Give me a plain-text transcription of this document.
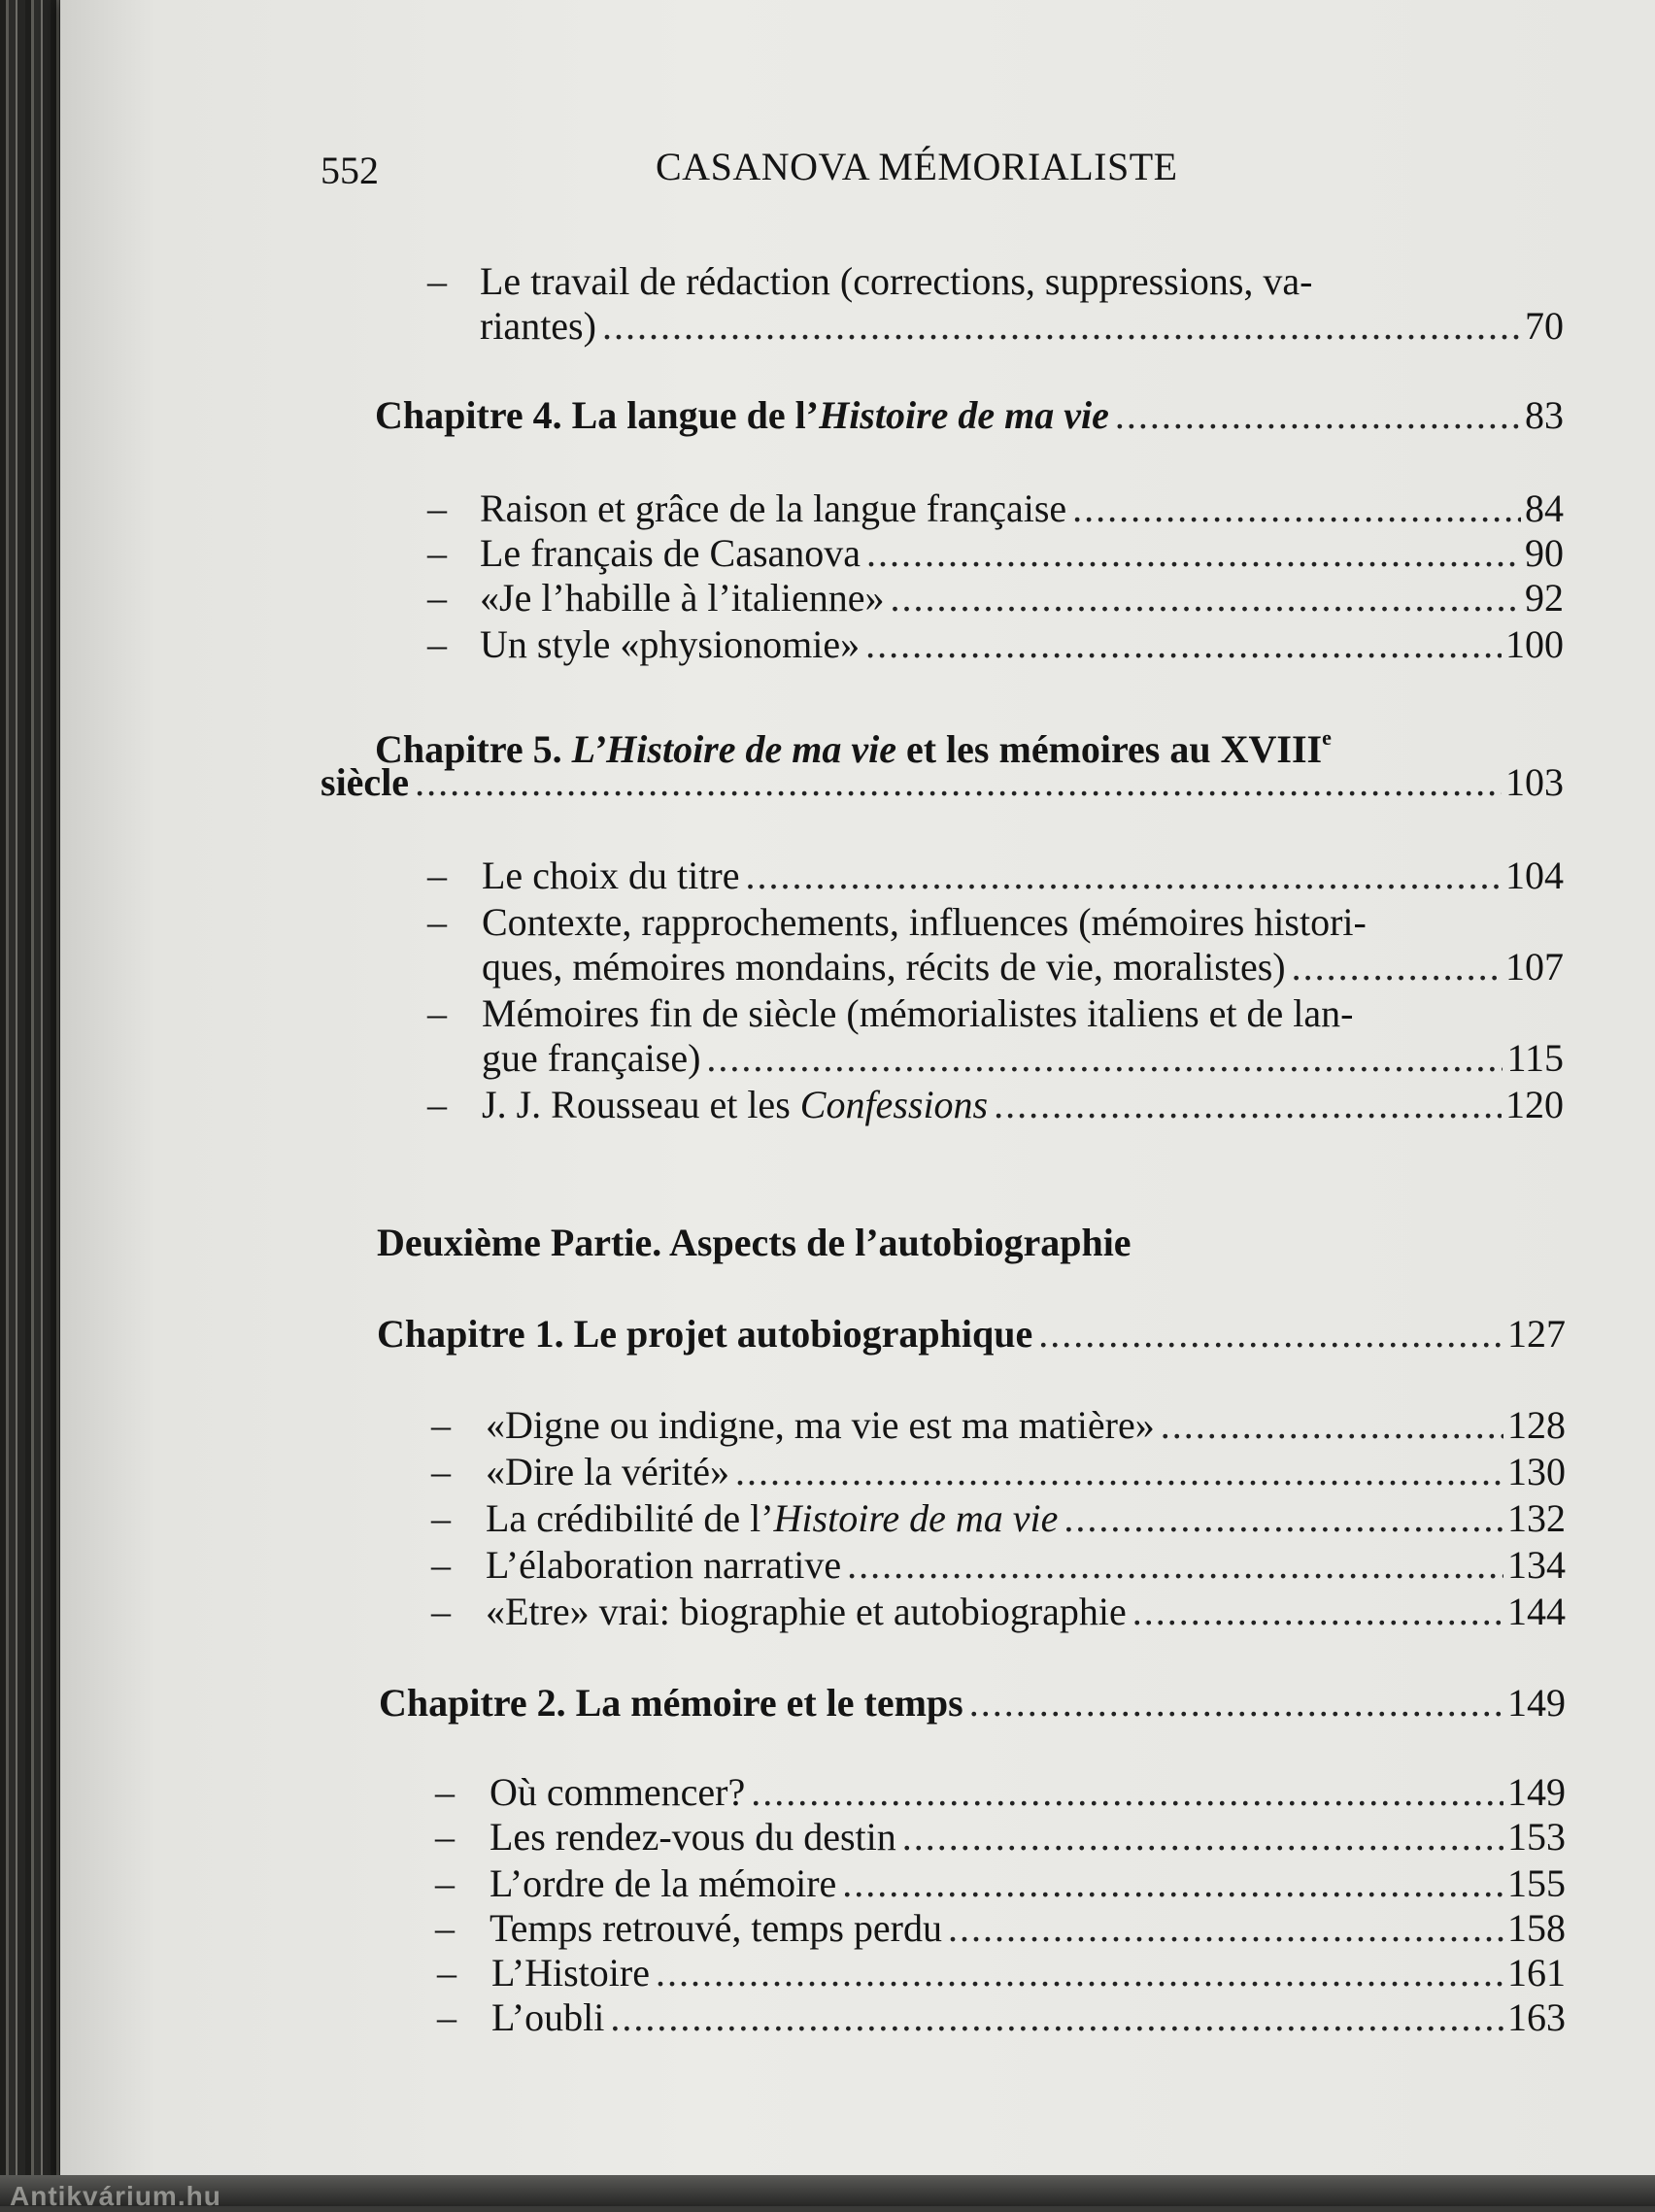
Antikvárium.hu
552	CASANOVA MÉMORIALISTE
– Le travail de rédaction (corrections, suppressions, va-
riantes) .....	70
Chapitre 4. La langue de l’Histoire de ma vie .....	83
– Raison et grâce de la langue française .....	84
– Le français de Casanova .....	90
– «Je l’habille à l’italienne» .....	92
– Un style «physionomie» .....	100
Chapitre 5. L’Histoire de ma vie et les mémoires au XVIIIe
siècle .....	103
– Le choix du titre .....	104
– Contexte, rapprochements, influences (mémoires histori-
ques, mémoires mondains, récits de vie, moralistes) .....	107
– Mémoires fin de siècle (mémorialistes italiens et de lan-
gue française) .....	115
– J. J. Rousseau et les Confessions .....	120
Deuxième Partie. Aspects de l’autobiographie
Chapitre 1. Le projet autobiographique .....	127
– «Digne ou indigne, ma vie est ma matière» .....	128
– «Dire la vérité» .....	130
– La crédibilité de l’Histoire de ma vie .....	132
– L’élaboration narrative .....	134
– «Etre» vrai: biographie et autobiographie .....	144
Chapitre 2. La mémoire et le temps .....	149
– Où commencer? .....	149
– Les rendez-vous du destin .....	153
– L’ordre de la mémoire .....	155
– Temps retrouvé, temps perdu .....	158
– L’Histoire .....	161
– L’oubli .....	163
